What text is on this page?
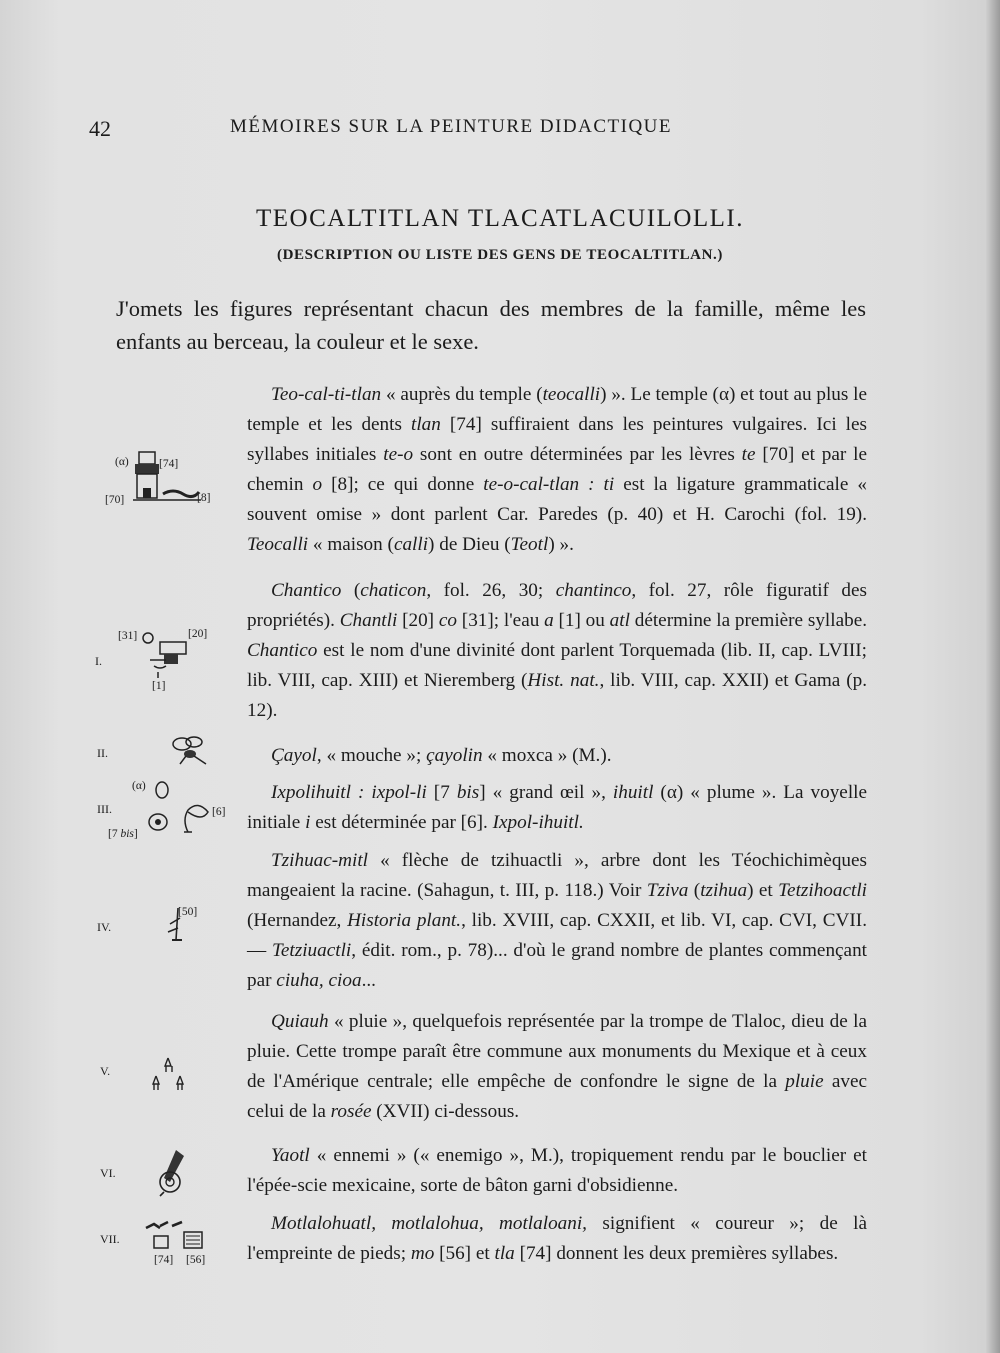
42	MÉMOIRES SUR LA PEINTURE DIDACTIQUE
TEOCALTITLAN TLACATLACUILOLLI.
(DESCRIPTION OU LISTE DES GENS DE TEOCALTITLAN.)

J'omets les figures représentant chacun des membres de la famille, même les enfants au berceau, la couleur et le sexe.

Teo-cal-ti-tlan « auprès du temple (teocalli) ». Le temple (α) et tout au plus le temple et les dents tlan [74] suffiraient dans les peintures vulgaires. Ici les syllabes initiales te-o sont en outre déterminées par les lèvres te [70] et par le chemin o [8]; ce qui donne te-o-cal-tlan : ti est la ligature grammaticale « souvent omise » dont parlent Car. Paredes (p. 40) et H. Carochi (fol. 19). Teocalli « maison (calli) de Dieu (Teotl) ».

(α)	[74]
[70]	[8]
I.
[31]	[20]
[1]

Chantico (chaticon, fol. 26, 30; chantinco, fol. 27, rôle figuratif des propriétés). Chantli [20] co [31]; l'eau a [1] ou atl détermine la première syllabe. Chantico est le nom d'une divinité dont parlent Torquemada (lib. II, cap. LVIII; lib. VIII, cap. XIII) et Nieremberg (Hist. nat., lib. VIII, cap. XXII) et Gama (p. 12).

II.	Çayol, « mouche »; çayolin « moxca » (M.).

III.
(α)
[6]
[7 bis]

Ixpolihuitl : ixpol-li [7 bis] « grand œil », ihuitl (α) « plume ». La voyelle initiale i est déterminée par [6]. Ixpol-ihuitl.

IV.
[50]

Tzihuac-mitl « flèche de tzihuactli », arbre dont les Téochichimèques mangeaient la racine. (Sahagun, t. III, p. 118.) Voir Tziva (tzihua) et Tetzihoactli (Hernandez, Historia plant., lib. XVIII, cap. CXXII, et lib. VI, cap. CVI, CVII. — Tetziuactli, édit. rom., p. 78)... d'où le grand nombre de plantes commençant par ciuha, cioa...

V.

Quiauh « pluie », quelquefois représentée par la trompe de Tlaloc, dieu de la pluie. Cette trompe paraît être commune aux monuments du Mexique et à ceux de l'Amérique centrale; elle empêche de confondre le signe de la pluie avec celui de la rosée (XVII) ci-dessous.

VI.

Yaotl « ennemi » (« enemigo », M.), tropiquement rendu par le bouclier et l'épée-scie mexicaine, sorte de bâton garni d'obsidienne.

VII.
[74] [56]

Motlalohuatl, motlalohua, motlaloani, signifient « coureur »; de là l'empreinte de pieds; mo [56] et tla [74] donnent les deux premières syllabes.
